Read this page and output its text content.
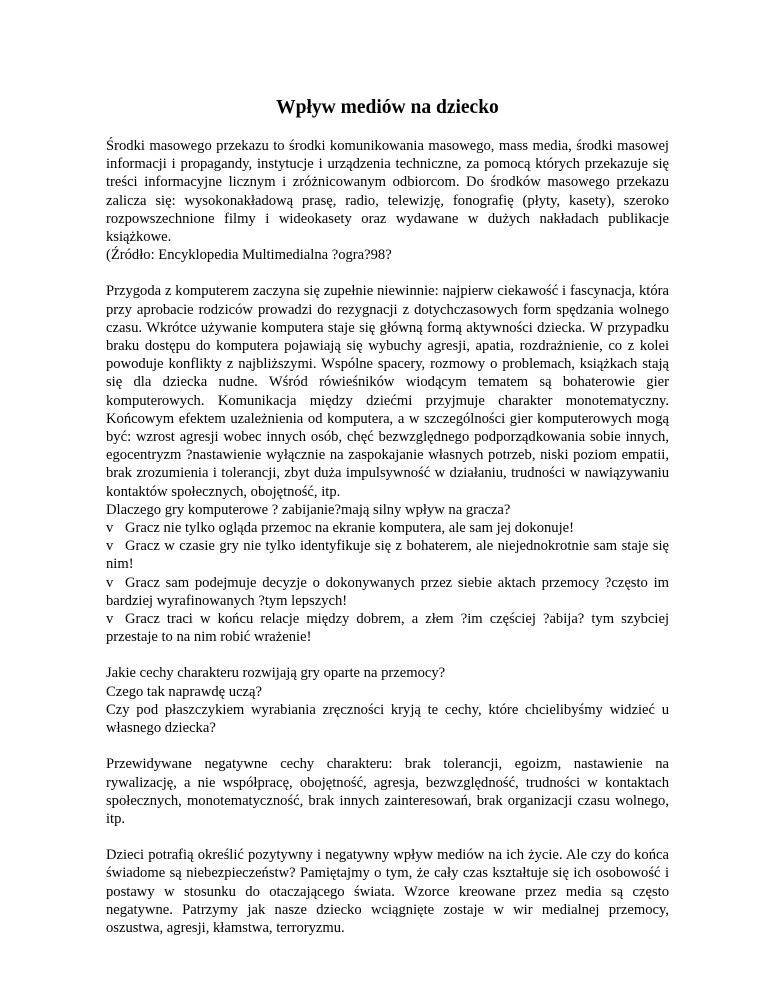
Wpływ mediów na dziecko
Środki masowego przekazu to środki komunikowania masowego, mass media, środki masowej informacji i propagandy, instytucje i urządzenia techniczne, za pomocą których przekazuje się treści informacyjne licznym i zróżnicowanym odbiorcom. Do środków masowego przekazu zalicza się: wysokonakładową prasę, radio, telewizję, fonografię (płyty, kasety), szeroko rozpowszechnione filmy i wideokasety oraz wydawane w dużych nakładach publikacje książkowe.
(Źródło: Encyklopedia Multimedialna ?ogra?98?
Przygoda z komputerem zaczyna się zupełnie niewinnie: najpierw ciekawość i fascynacja, która przy aprobacie rodziców prowadzi do rezygnacji z dotychczasowych form spędzania wolnego czasu. Wkrótce używanie komputera staje się główną formą aktywności dziecka. W przypadku braku dostępu do komputera pojawiają się wybuchy agresji, apatia, rozdrażnienie, co z kolei powoduje konflikty z najbliższymi. Wspólne spacery, rozmowy o problemach, książkach stają się dla dziecka nudne. Wśród rówieśników wiodącym tematem są bohaterowie gier komputerowych. Komunikacja między dziećmi przyjmuje charakter monotematyczny. Końcowym efektem uzależnienia od komputera, a w szczególności gier komputerowych mogą być: wzrost agresji wobec innych osób, chęć bezwzględnego podporządkowania sobie innych, egocentryzm ?nastawienie wyłącznie na zaspokajanie własnych potrzeb, niski poziom empatii, brak zrozumienia i tolerancji, zbyt duża impulsywność w działaniu, trudności w nawiązywaniu kontaktów społecznych, obojętność, itp.
Dlaczego gry komputerowe ? zabijanie?mają silny wpływ na gracza?
v Gracz nie tylko ogląda przemoc na ekranie komputera, ale sam jej dokonuje!
v Gracz w czasie gry nie tylko identyfikuje się z bohaterem, ale niejednokrotnie sam staje się nim!
v Gracz sam podejmuje decyzje o dokonywanych przez siebie aktach przemocy ?często im bardziej wyrafinowanych ?tym lepszych!
v Gracz traci w końcu relacje między dobrem, a złem ?im częściej ?abija? tym szybciej przestaje to na nim robić wrażenie!
Jakie cechy charakteru rozwijają gry oparte na przemocy?
Czego tak naprawdę uczą?
Czy pod płaszczykiem wyrabiania zręczności kryją te cechy, które chcielibyśmy widzieć u własnego dziecka?
Przewidywane negatywne cechy charakteru: brak tolerancji, egoizm, nastawienie na rywalizację, a nie współpracę, obojętność, agresja, bezwzględność, trudności w kontaktach społecznych, monotematyczność, brak innych zainteresowań, brak organizacji czasu wolnego, itp.
Dzieci potrafią określić pozytywny i negatywny wpływ mediów na ich życie. Ale czy do końca świadome są niebezpieczeństw? Pamiętajmy o tym, że cały czas kształtuje się ich osobowość i postawy w stosunku do otaczającego świata. Wzorce kreowane przez media są często negatywne. Patrzymy jak nasze dziecko wciągnięte zostaje w wir medialnej przemocy, oszustwa, agresji, kłamstwa, terroryzmu.
